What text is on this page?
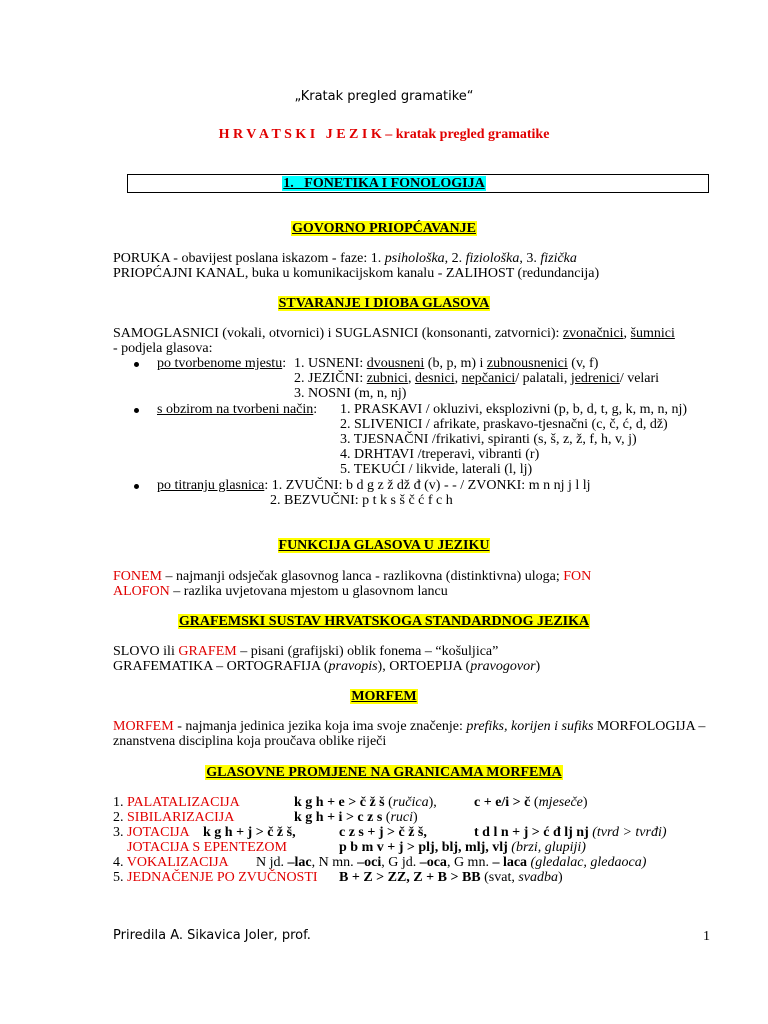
„Kratak pregled gramatike“
H R V A T S K I   J E Z I K – kratak pregled gramatike
1.   FONETIKA I FONOLOGIJA
GOVORNO PRIOPĆAVANJE
PORUKA - obavijest poslana iskazom - faze: 1. psihološka, 2. fiziološka, 3. fizička
PRIOPĆAJNI KANAL, buka u komunikacijskom kanalu - ZALIHOST (redundancija)
STVARANJE I DIOBA GLASOVA
SAMOGLASNICI (vokali, otvornici) i SUGLASNICI (konsonanti, zatvornici): zvonačnici, šumnici
- podjela glasova:
po tvorbenome mjestu: 1. USNENI: dvousneni (b, p, m) i zubnousnenici (v, f)
2. JEZIČNI: zubnici, desnici, nepčanici/ palatali, jedrenici/ velari
3. NOSNI (m, n, nj)
s obzirom na tvorbeni način: 1. PRASKAVI / okluzivi, eksplozivni (p, b, d, t, g, k, m, n, nj)
2. SLIVENICI / afrikate, praskavo-tjesnačni (c, č, ć, d, dž)
3. TJESNAČNI /frikativi, spiranti (s, š, z, ž, f, h, v, j)
4. DRHTAVI /treperavi, vibranti (r)
5. TEKUĆI / likvide, laterali (l, lj)
po titranju glasnica: 1. ZVUČNI: b d g z ž dž đ (v) - - / ZVONKI: m n nj j l lj
2. BEZVUČNI: p t k s š č ć f c h
FUNKCIJA GLASOVA U JEZIKU
FONEM – najmanji odsječak glasovnog lanca - razlikovna (distinktivna) uloga; FON
ALOFON – razlika uvjetovana mjestom u glasovnom lancu
GRAFEMSKI SUSTAV HRVATSKOGA STANDARDNOG JEZIKA
SLOVO ili GRAFEM – pisani (grafijski) oblik fonema – “košuljica”
GRAFEMATIKA – ORTOGRAFIJA (pravopis), ORTOEPIJA (pravogovor)
MORFEM
MORFEM - najmanja jedinica jezika koja ima svoje značenje: prefiks, korijen i sufiks MORFOLOGIJA –
znanstvena disciplina koja proučava oblike riječi
GLASOVNE PROMJENE NA GRANICAMA MORFEMA
1. PALATALIZACIJA	k g h + e > č ž š (ručica),	c + e/i > č (mjeseče)
2. SIBILARIZACIJA	k g h + i > c z s (ruci)
3. JOTACIJA k g h + j > č ž š,	c z s + j > č ž š,	t d l n + j > ć đ lj nj (tvrd > tvrđi)
JOTACIJA S EPENTEZOM	p b m v + j > plj, blj, mlj, vlj (brzi, glupiji)
4. VOKALIZACIJA N jd. –lac, N mn. –oci, G jd. –oca, G mn. – laca (gledalac, gledaoca)
5. JEDNAČENJE PO ZVUČNOSTI B + Z > ZZ, Z + B > BB (svat, svadba)
Priredila A. Sikavica Joler, prof.	1
